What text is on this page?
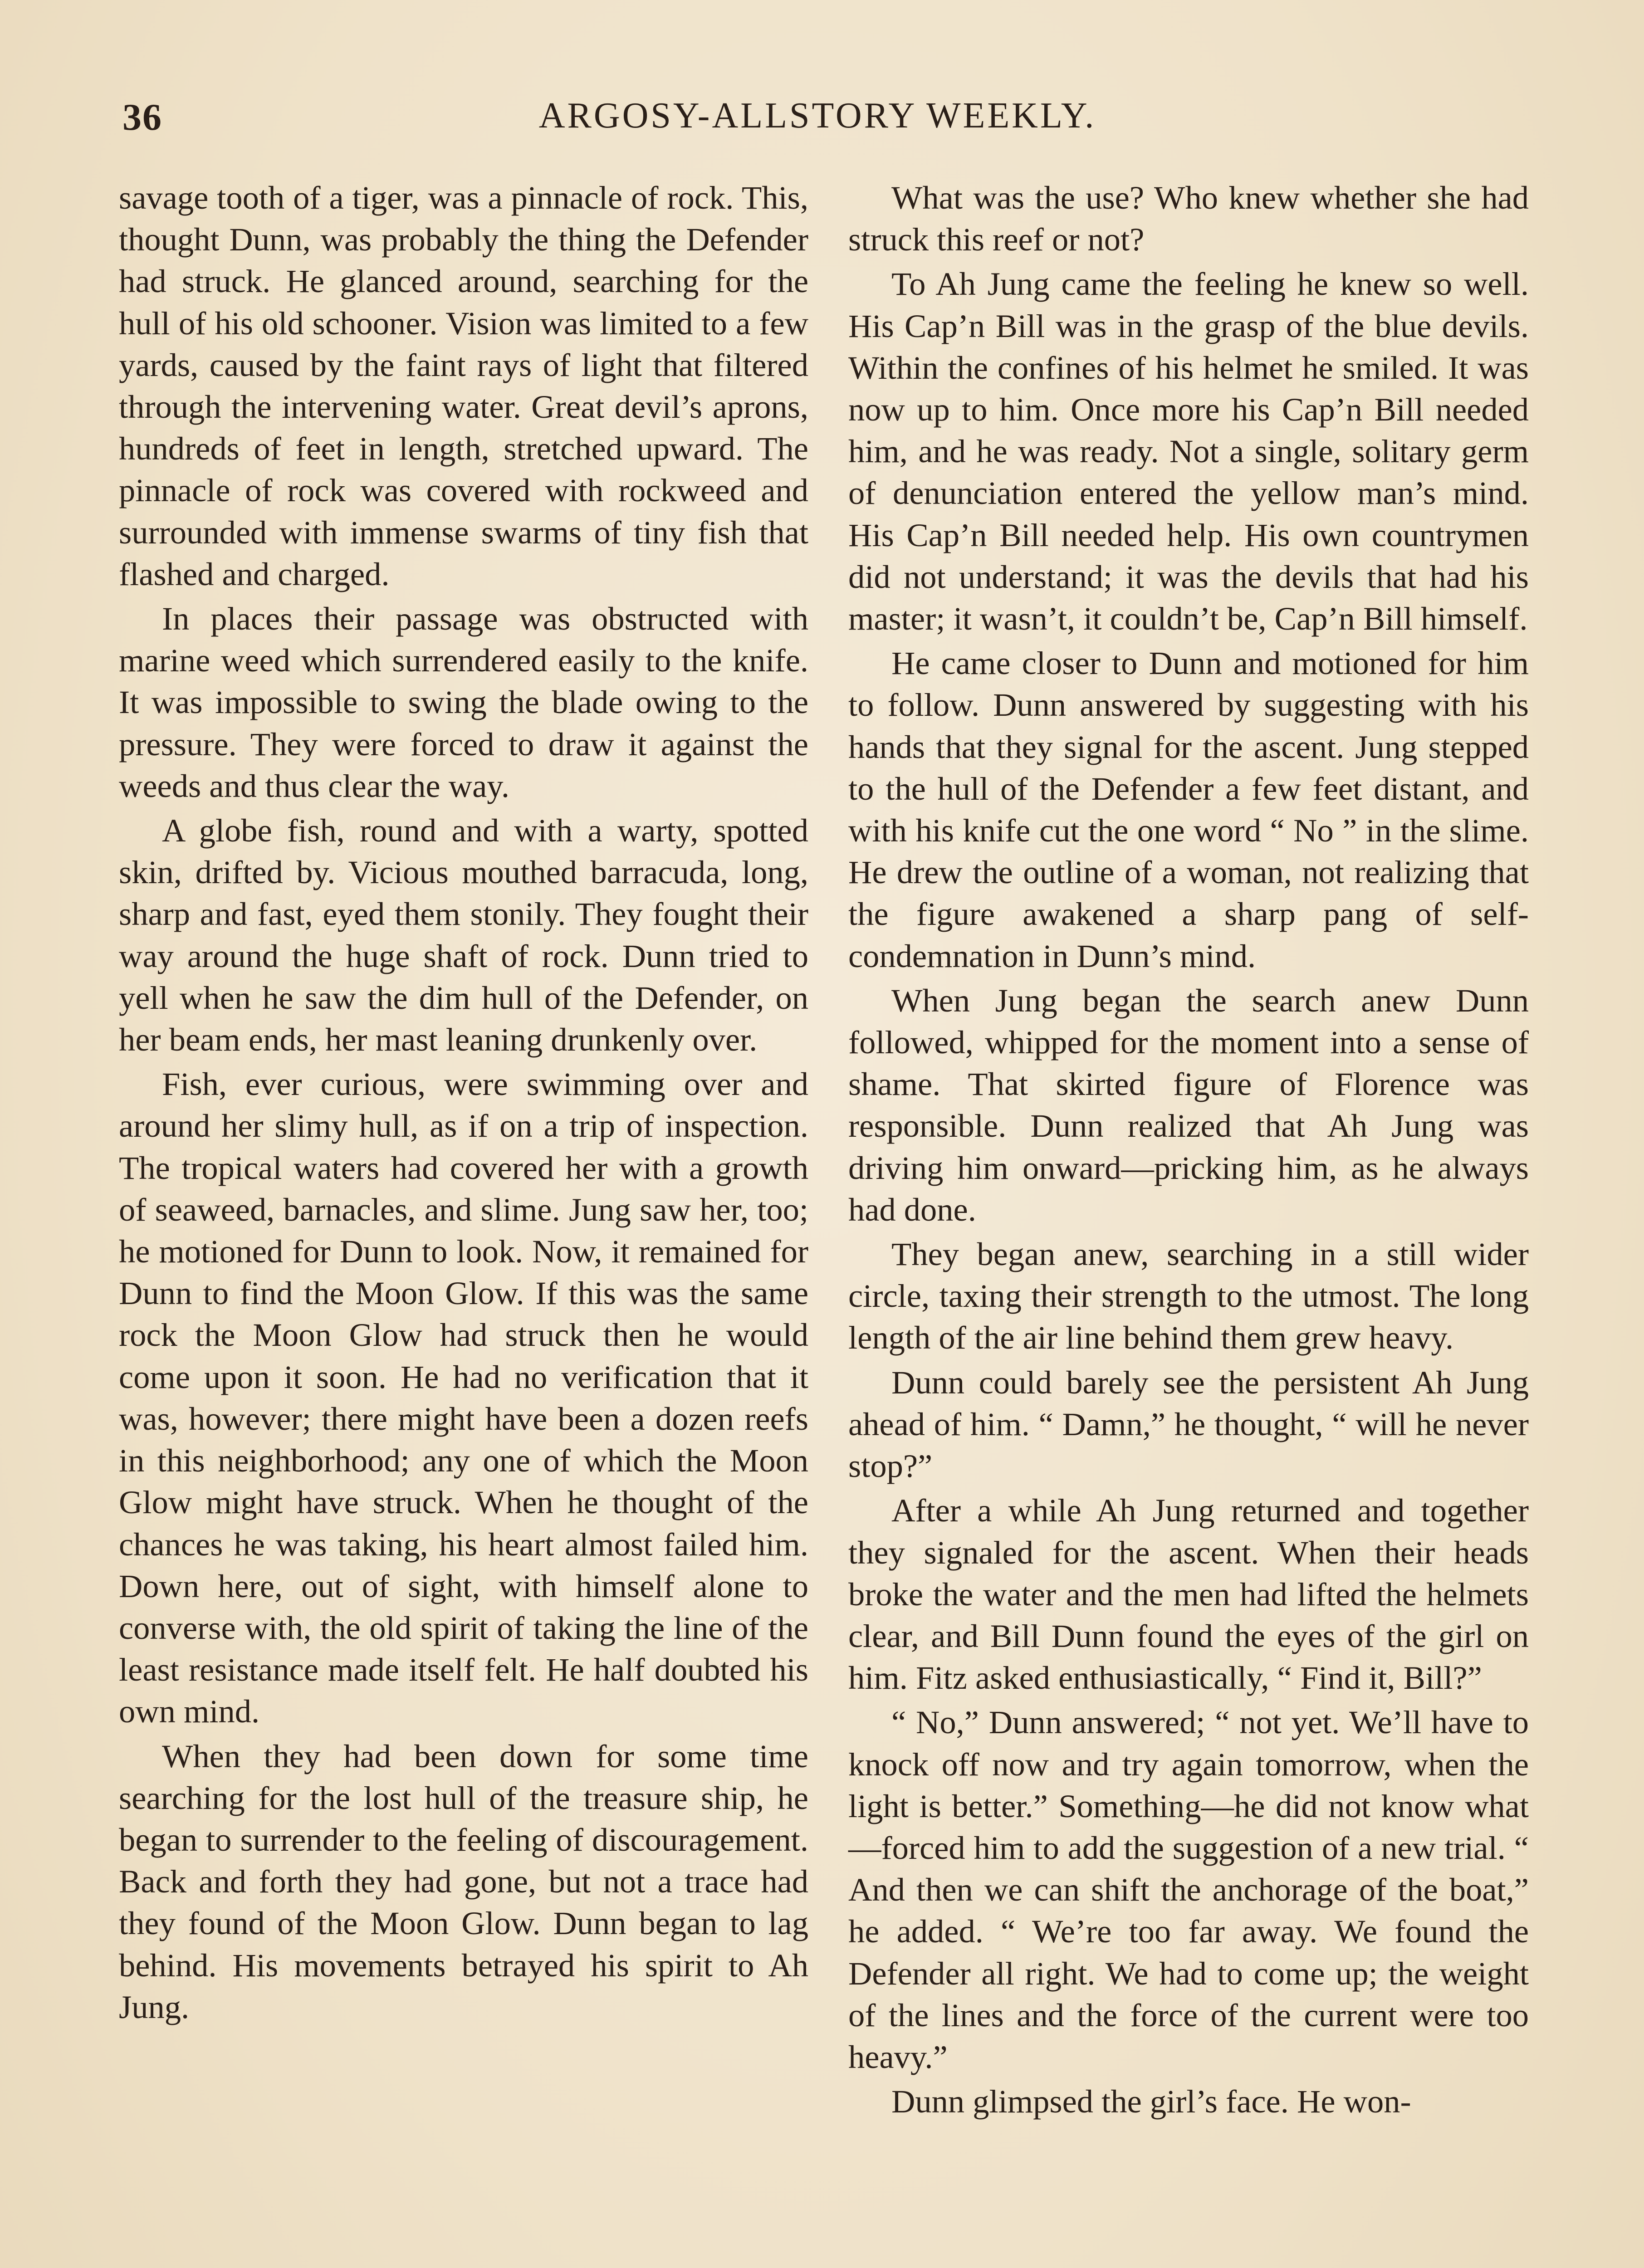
36	ARGOSY-ALLSTORY WEEKLY.

savage tooth of a tiger, was a pinnacle of rock. This, thought Dunn, was probably the thing the Defender had struck. He glanced around, searching for the hull of his old schooner. Vision was limited to a few yards, caused by the faint rays of light that filtered through the intervening water. Great devil’s aprons, hundreds of feet in length, stretched upward. The pinnacle of rock was covered with rockweed and surrounded with immense swarms of tiny fish that flashed and charged.

In places their passage was obstructed with marine weed which surrendered easily to the knife. It was impossible to swing the blade owing to the pressure. They were forced to draw it against the weeds and thus clear the way.

A globe fish, round and with a warty, spotted skin, drifted by. Vicious mouthed barracuda, long, sharp and fast, eyed them stonily. They fought their way around the huge shaft of rock. Dunn tried to yell when he saw the dim hull of the Defender, on her beam ends, her mast leaning drunkenly over.

Fish, ever curious, were swimming over and around her slimy hull, as if on a trip of inspection. The tropical waters had covered her with a growth of seaweed, barnacles, and slime. Jung saw her, too; he motioned for Dunn to look. Now, it remained for Dunn to find the Moon Glow. If this was the same rock the Moon Glow had struck then he would come upon it soon. He had no verification that it was, however; there might have been a dozen reefs in this neighborhood; any one of which the Moon Glow might have struck. When he thought of the chances he was taking, his heart almost failed him. Down here, out of sight, with himself alone to converse with, the old spirit of taking the line of the least resistance made itself felt. He half doubted his own mind.

When they had been down for some time searching for the lost hull of the treasure ship, he began to surrender to the feeling of discouragement. Back and forth they had gone, but not a trace had they found of the Moon Glow. Dunn began to lag behind. His movements betrayed his spirit to Ah Jung.

What was the use? Who knew whether she had struck this reef or not?

To Ah Jung came the feeling he knew so well. His Cap’n Bill was in the grasp of the blue devils. Within the confines of his helmet he smiled. It was now up to him. Once more his Cap’n Bill needed him, and he was ready. Not a single, solitary germ of denunciation entered the yellow man’s mind. His Cap’n Bill needed help. His own countrymen did not understand; it was the devils that had his master; it wasn’t, it couldn’t be, Cap’n Bill himself.

He came closer to Dunn and motioned for him to follow. Dunn answered by suggesting with his hands that they signal for the ascent. Jung stepped to the hull of the Defender a few feet distant, and with his knife cut the one word “ No ” in the slime. He drew the outline of a woman, not realizing that the figure awakened a sharp pang of self-condemnation in Dunn’s mind.

When Jung began the search anew Dunn followed, whipped for the moment into a sense of shame. That skirted figure of Florence was responsible. Dunn realized that Ah Jung was driving him onward—pricking him, as he always had done.

They began anew, searching in a still wider circle, taxing their strength to the utmost. The long length of the air line behind them grew heavy.

Dunn could barely see the persistent Ah Jung ahead of him. “ Damn,” he thought, “ will he never stop?”

After a while Ah Jung returned and together they signaled for the ascent. When their heads broke the water and the men had lifted the helmets clear, and Bill Dunn found the eyes of the girl on him. Fitz asked enthusiastically, “ Find it, Bill?”

“ No,” Dunn answered; “ not yet. We’ll have to knock off now and try again tomorrow, when the light is better.” Something—he did not know what—forced him to add the suggestion of a new trial. “ And then we can shift the anchorage of the boat,” he added. “ We’re too far away. We found the Defender all right. We had to come up; the weight of the lines and the force of the current were too heavy.”

Dunn glimpsed the girl’s face. He won-
